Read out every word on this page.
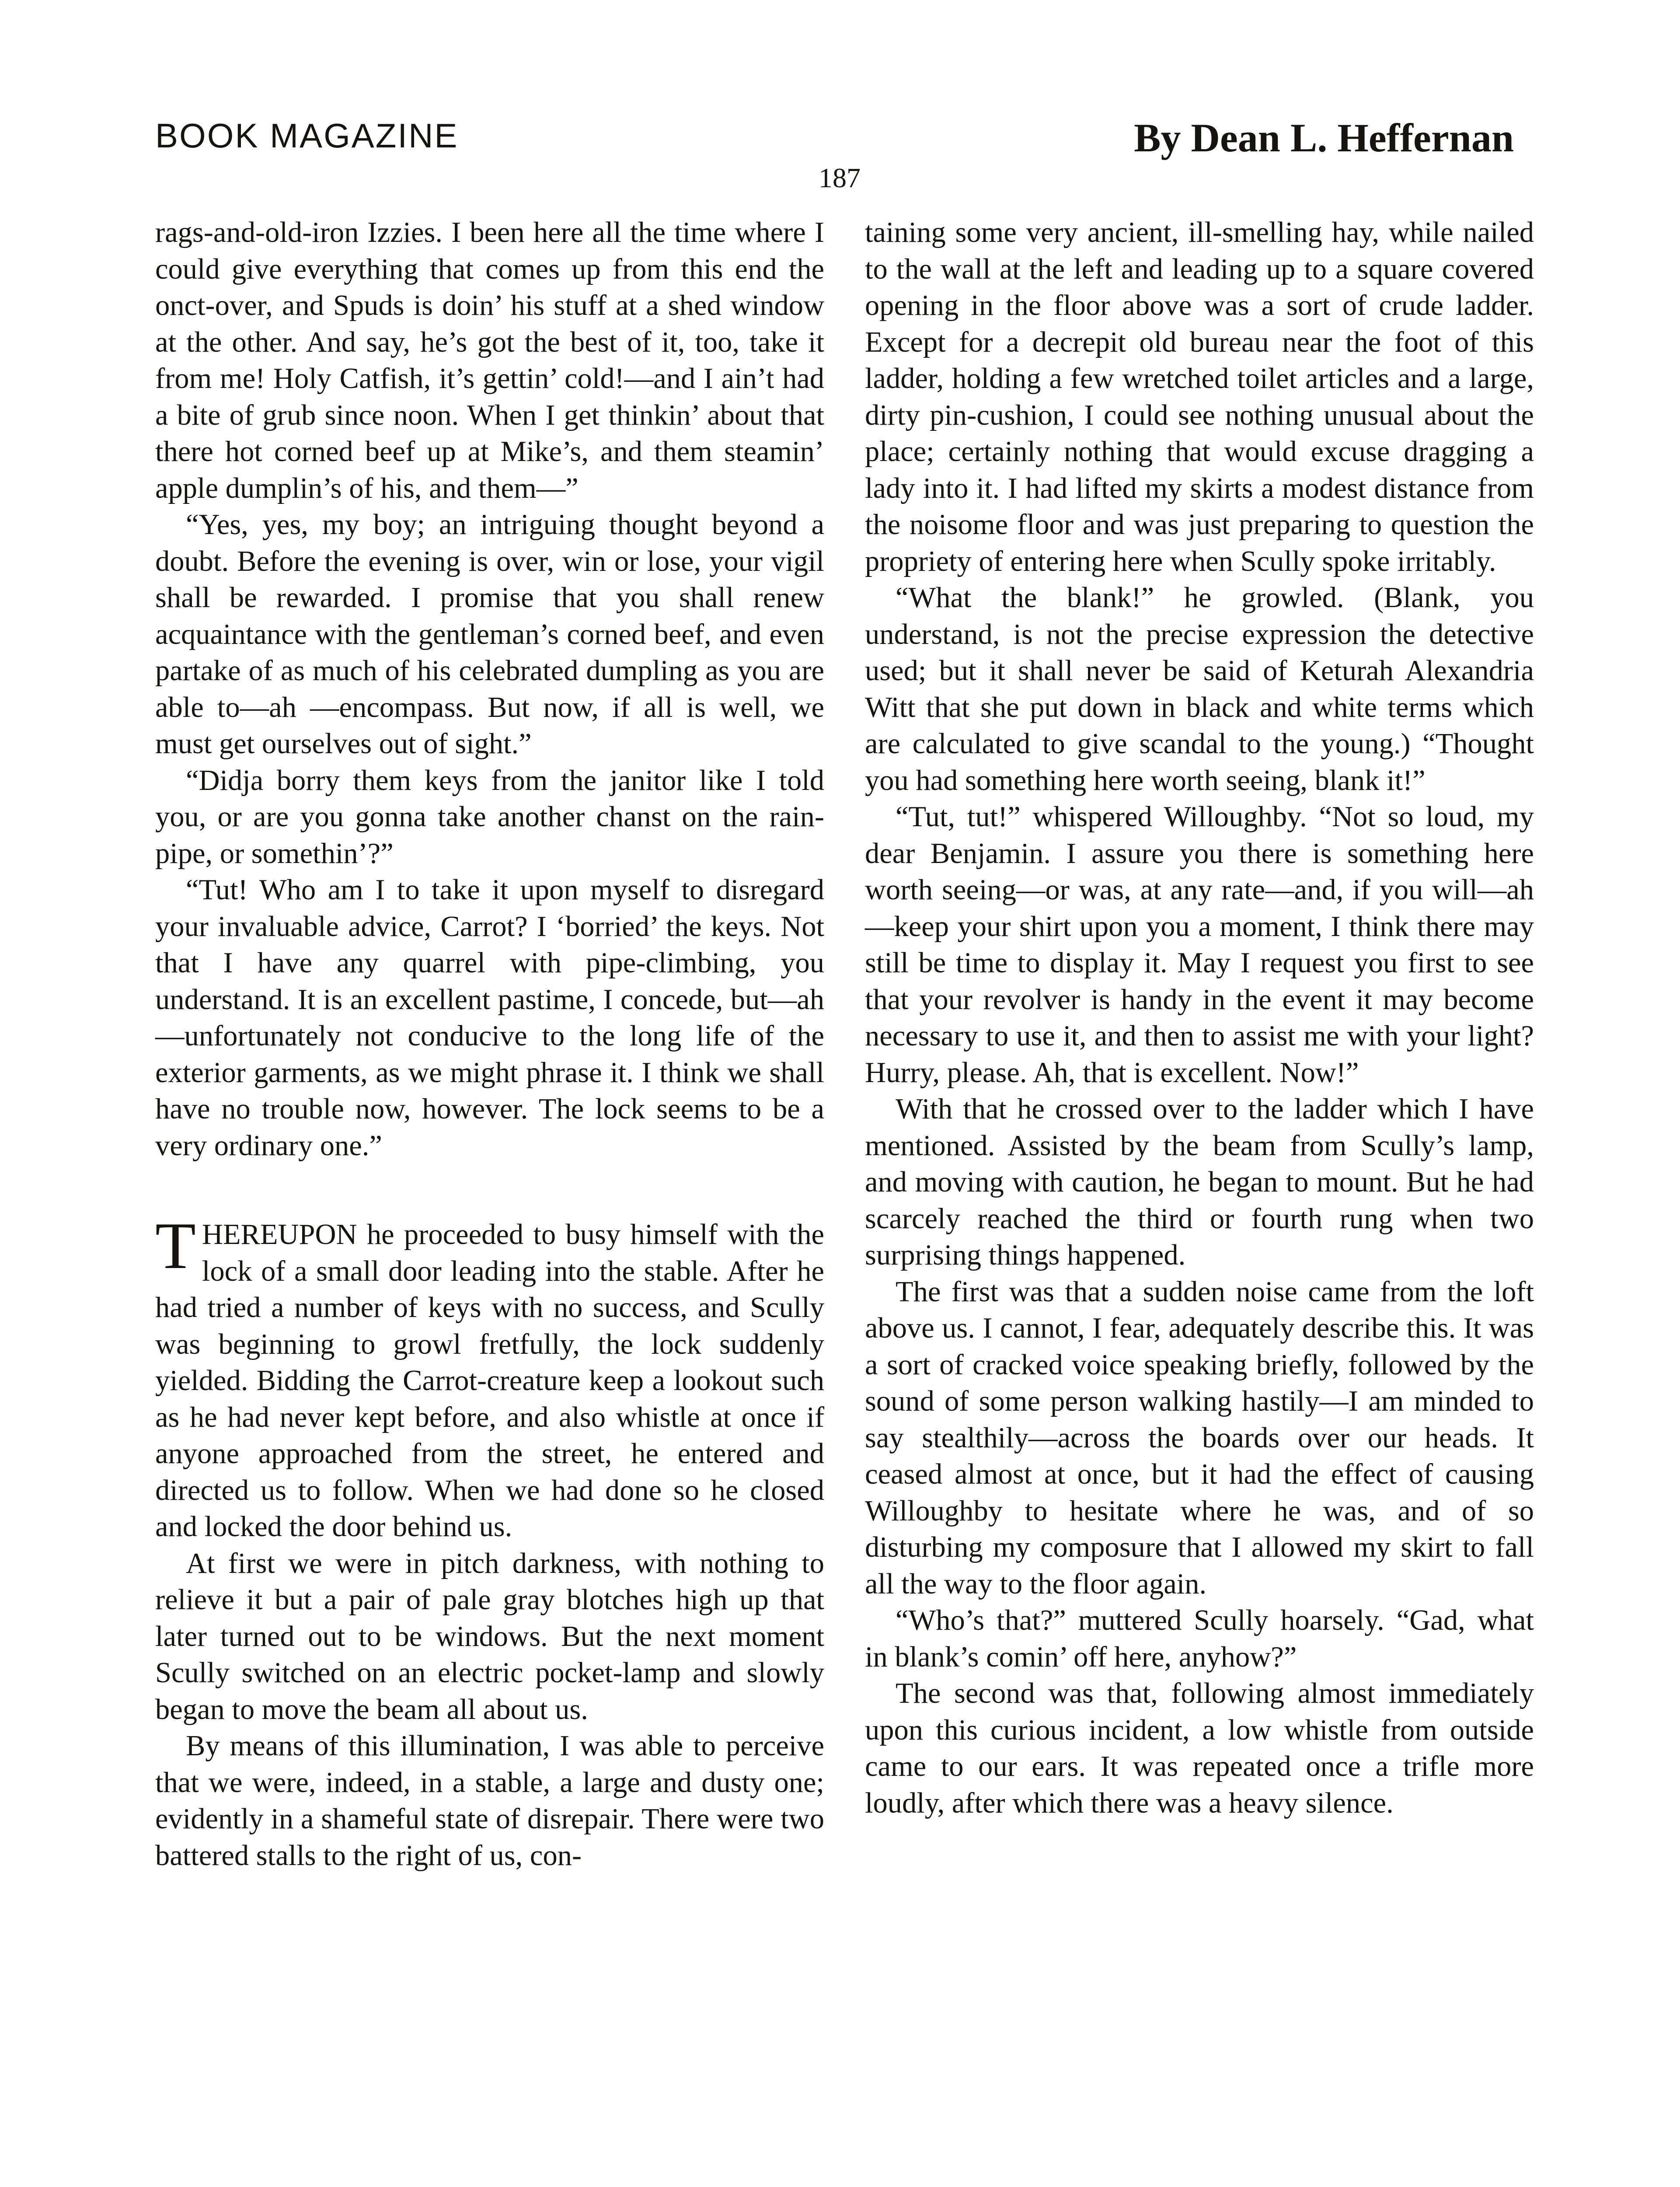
BOOK MAGAZINE	By Dean L. Heffernan
187

rags-and-old-iron Izzies. I been here all the time where I could give everything that comes up from this end the onct-over, and Spuds is doin’ his stuff at a shed window at the other. And say, he’s got the best of it, too, take it from me! Holy Catfish, it’s gettin’ cold!—and I ain’t had a bite of grub since noon. When I get thinkin’ about that there hot corned beef up at Mike’s, and them steamin’ apple dumplin’s of his, and them—”

“Yes, yes, my boy; an intriguing thought beyond a doubt. Before the evening is over, win or lose, your vigil shall be rewarded. I promise that you shall renew acquaintance with the gentleman’s corned beef, and even partake of as much of his celebrated dumpling as you are able to—ah —encompass. But now, if all is well, we must get ourselves out of sight.”

“Didja borry them keys from the janitor like I told you, or are you gonna take another chanst on the rain-pipe, or somethin’?”

“Tut! Who am I to take it upon myself to disregard your invaluable advice, Carrot? I ‘borried’ the keys. Not that I have any quarrel with pipe-climbing, you understand. It is an excellent pastime, I concede, but—ah—unfortunately not conducive to the long life of the exterior garments, as we might phrase it. I think we shall have no trouble now, however. The lock seems to be a very ordinary one.”

THEREUPON he proceeded to busy himself with the lock of a small door leading into the stable. After he had tried a number of keys with no success, and Scully was beginning to growl fretfully, the lock suddenly yielded. Bidding the Carrot-creature keep a lookout such as he had never kept before, and also whistle at once if anyone approached from the street, he entered and directed us to follow. When we had done so he closed and locked the door behind us.

At first we were in pitch darkness, with nothing to relieve it but a pair of pale gray blotches high up that later turned out to be windows. But the next moment Scully switched on an electric pocket-lamp and slowly began to move the beam all about us.

By means of this illumination, I was able to perceive that we were, indeed, in a stable, a large and dusty one; evidently in a shameful state of disrepair. There were two battered stalls to the right of us, con-

taining some very ancient, ill-smelling hay, while nailed to the wall at the left and leading up to a square covered opening in the floor above was a sort of crude ladder. Except for a decrepit old bureau near the foot of this ladder, holding a few wretched toilet articles and a large, dirty pin-cushion, I could see nothing unusual about the place; certainly nothing that would excuse dragging a lady into it. I had lifted my skirts a modest distance from the noisome floor and was just preparing to question the propriety of entering here when Scully spoke irritably.

“What the blank!” he growled. (Blank, you understand, is not the precise expression the detective used; but it shall never be said of Keturah Alexandria Witt that she put down in black and white terms which are calculated to give scandal to the young.) “Thought you had something here worth seeing, blank it!”

“Tut, tut!” whispered Willoughby. “Not so loud, my dear Benjamin. I assure you there is something here worth seeing—or was, at any rate—and, if you will—ah—keep your shirt upon you a moment, I think there may still be time to display it. May I request you first to see that your revolver is handy in the event it may become necessary to use it, and then to assist me with your light? Hurry, please. Ah, that is excellent. Now!”

With that he crossed over to the ladder which I have mentioned. Assisted by the beam from Scully’s lamp, and moving with caution, he began to mount. But he had scarcely reached the third or fourth rung when two surprising things happened.

The first was that a sudden noise came from the loft above us. I cannot, I fear, adequately describe this. It was a sort of cracked voice speaking briefly, followed by the sound of some person walking hastily—I am minded to say stealthily—across the boards over our heads. It ceased almost at once, but it had the effect of causing Willoughby to hesitate where he was, and of so disturbing my composure that I allowed my skirt to fall all the way to the floor again.

“Who’s that?” muttered Scully hoarsely. “Gad, what in blank’s comin’ off here, anyhow?”

The second was that, following almost immediately upon this curious incident, a low whistle from outside came to our ears. It was repeated once a trifle more loudly, after which there was a heavy silence.
